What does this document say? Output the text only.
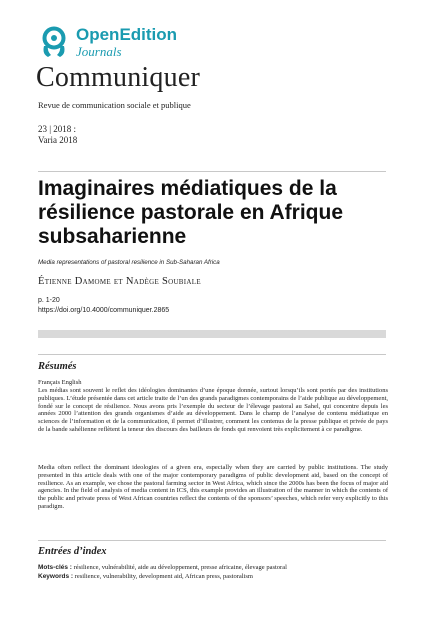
OpenEdition
Journals
Communiquer
Revue de communication sociale et publique
23 | 2018 :
Varia 2018
Imaginaires médiatiques de la
résilience pastorale en Afrique
subsaharienne
Media representations of pastoral resilience in Sub-Saharan Africa
Étienne Damome et Nadège Soubiale
p. 1-20
https://doi.org/10.4000/communiquer.2865
Résumés
Français English
Les médias sont souvent le reflet des idéologies dominantes d’une époque donnée, surtout lorsqu’ils sont portés par des institutions publiques. L’étude présentée dans cet article traite de l’un des grands paradigmes contemporains de l’aide publique au développement, fondé sur le concept de résilience. Nous avons pris l’exemple du secteur de l’élevage pastoral au Sahel, qui concentre depuis les années 2000 l’attention des grands organismes d’aide au développement. Dans le champ de l’analyse de contenu médiatique en sciences de l’information et de la communication, il permet d’illustrer, comment les contenus de la presse publique et privée de pays de la bande sahélienne reflètent la teneur des discours des bailleurs de fonds qui renvoient très explicitement à ce paradigme.
Media often reflect the dominant ideologies of a given era, especially when they are carried by public institutions. The study presented in this article deals with one of the major contemporary paradigms of public development aid, based on the concept of resilience. As an example, we chose the pastoral farming sector in West Africa, which since the 2000s has been the focus of major aid agencies. In the field of analysis of media content in ICS, this example provides an illustration of the manner in which the contents of the public and private press of West African countries reflect the contents of the sponsors’ speeches, which refer very explicitly to this paradigm.
Entrées d’index
Mots-clés : résilience, vulnérabilité, aide au développement, presse africaine, élevage pastoral
Keywords : resilience, vulnerability, development aid, African press, pastoralism
